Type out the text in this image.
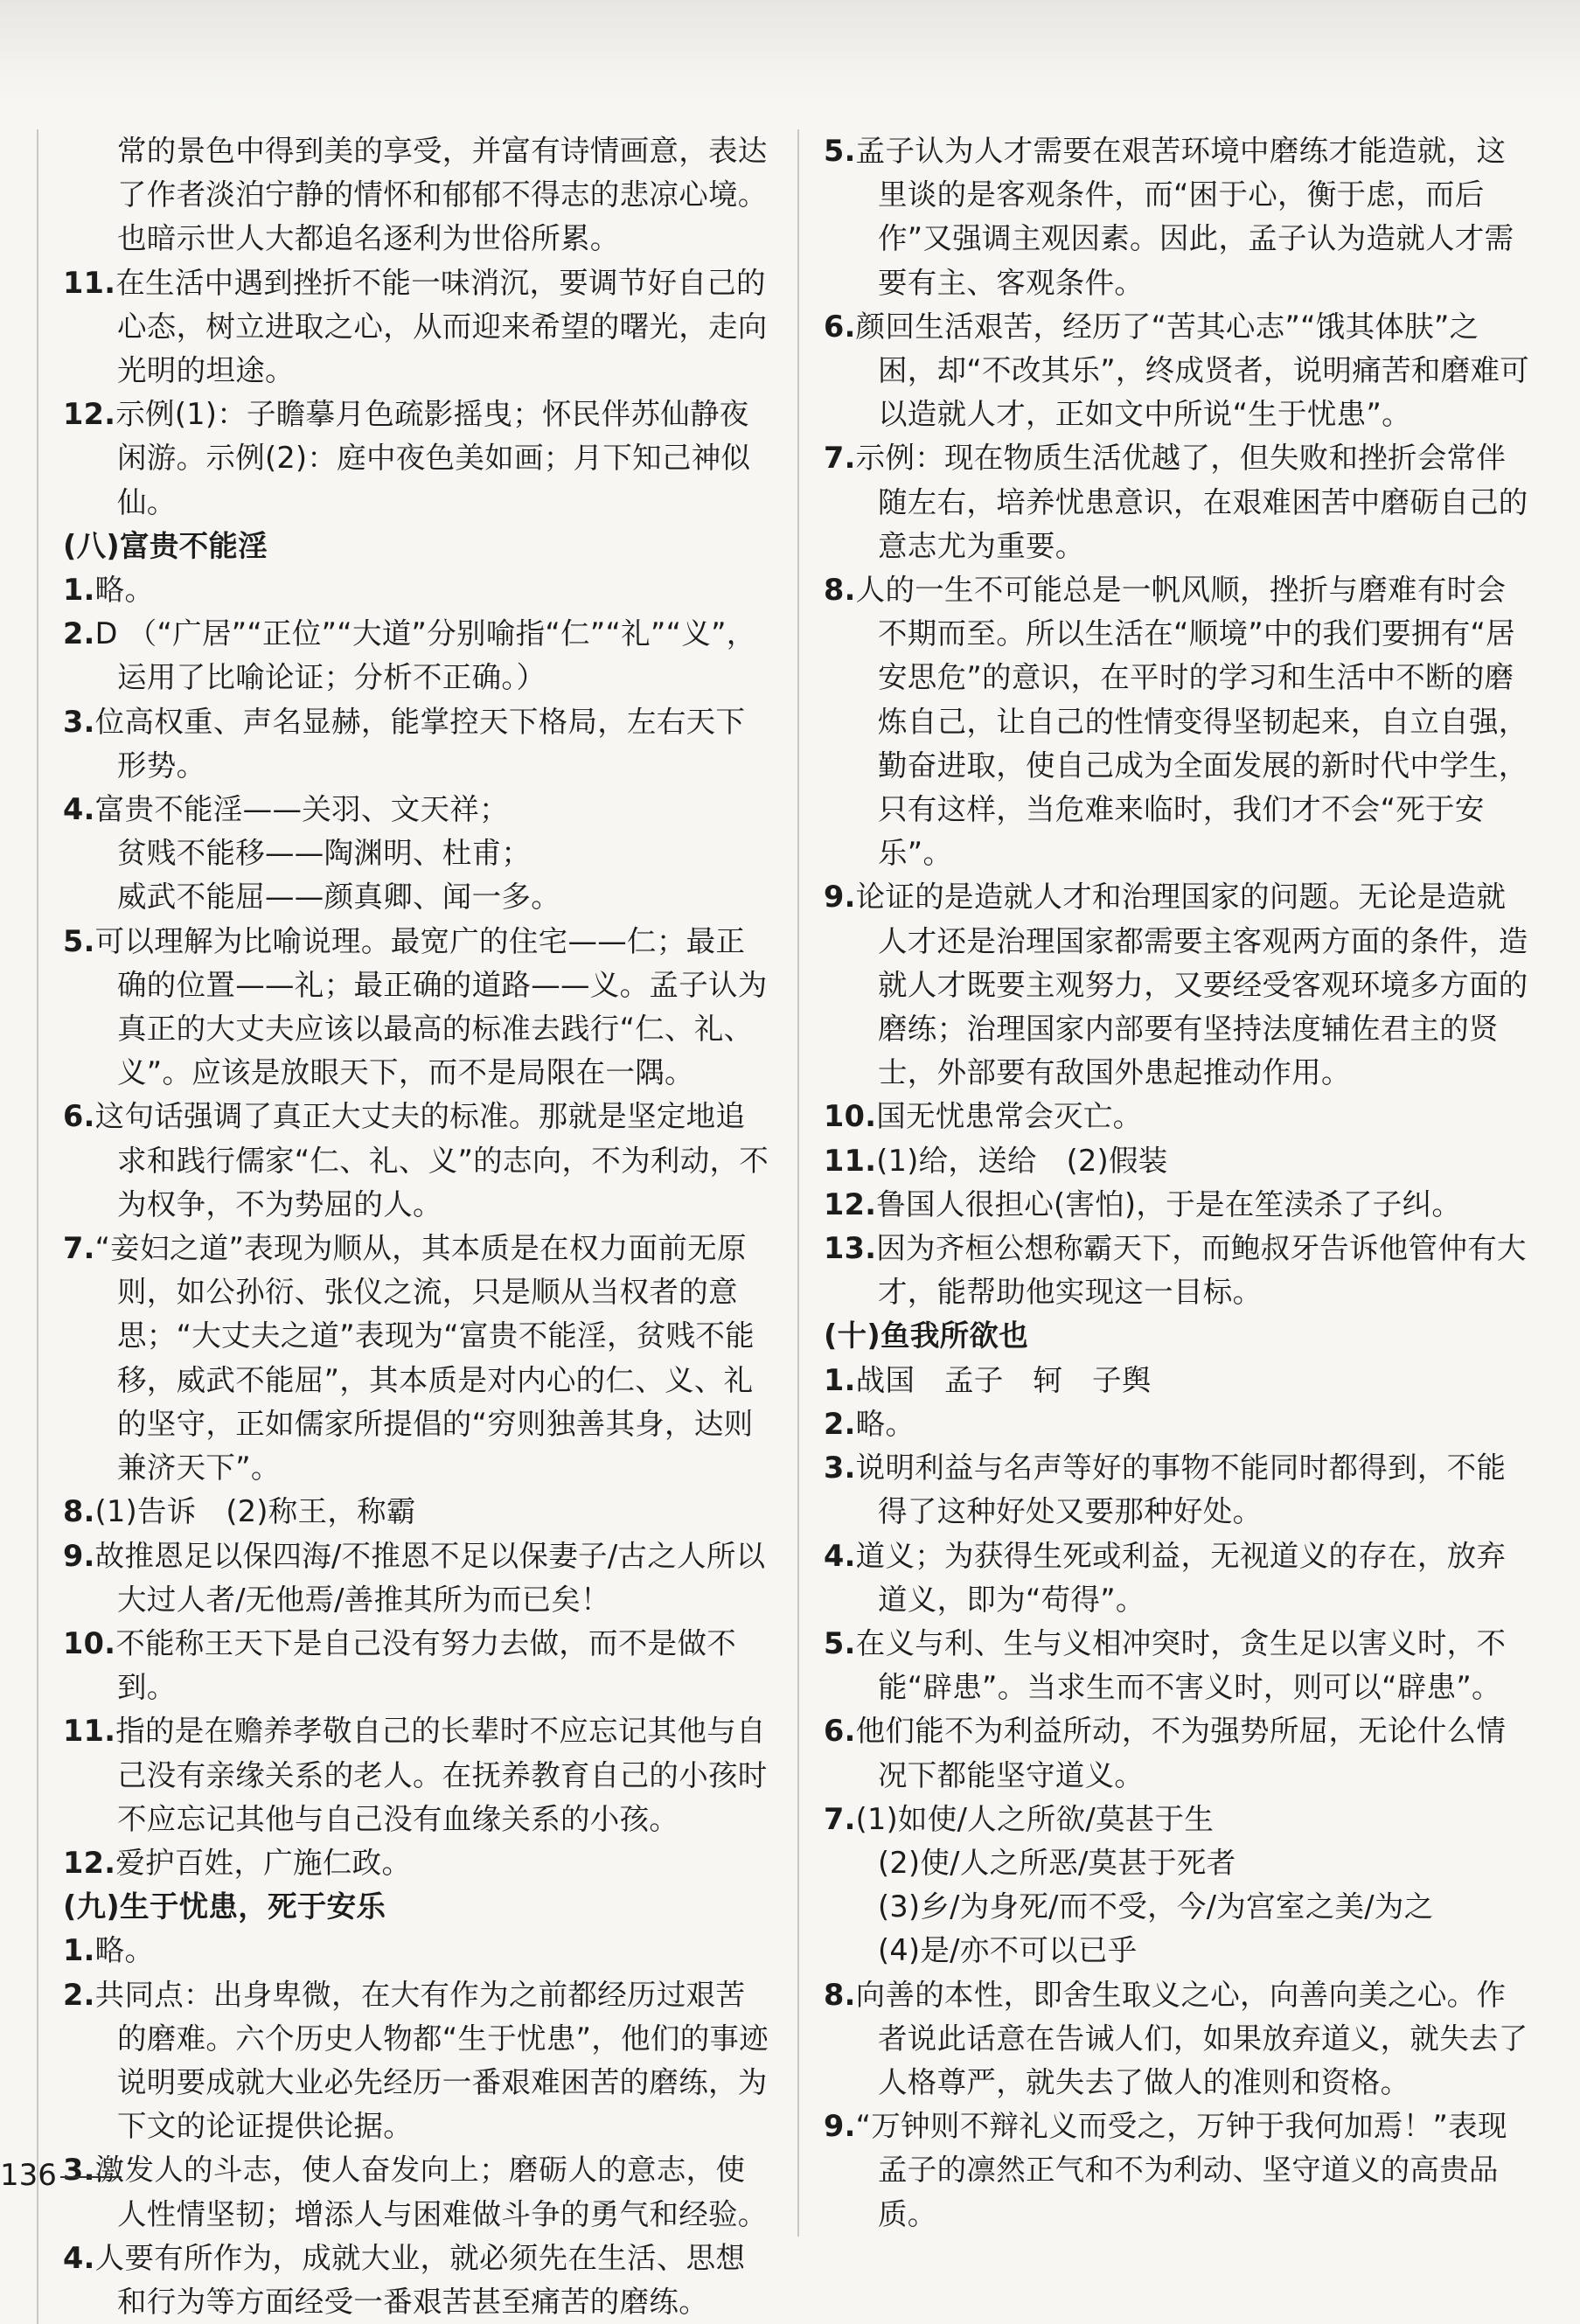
常的景色中得到美的享受，并富有诗情画意，表达了作者淡泊宁静的情怀和郁郁不得志的悲凉心境。也暗示世人大都追名逐利为世俗所累。
11.在生活中遇到挫折不能一味消沉，要调节好自己的心态，树立进取之心，从而迎来希望的曙光，走向光明的坦途。
12.示例(1)：子瞻摹月色疏影摇曳；怀民伴苏仙静夜闲游。示例(2)：庭中夜色美如画；月下知己神似仙。
(八)富贵不能淫
1.略。
2.D （“广居”“正位”“大道”分别喻指“仁”“礼”“义”，运用了比喻论证；分析不正确。）
3.位高权重、声名显赫，能掌控天下格局，左右天下形势。
4.富贵不能淫——关羽、文天祥；
贫贱不能移——陶渊明、杜甫；
威武不能屈——颜真卿、闻一多。
5.可以理解为比喻说理。最宽广的住宅——仁；最正确的位置——礼；最正确的道路——义。孟子认为真正的大丈夫应该以最高的标准去践行“仁、礼、义”。应该是放眼天下，而不是局限在一隅。
6.这句话强调了真正大丈夫的标准。那就是坚定地追求和践行儒家“仁、礼、义”的志向，不为利动，不为权争，不为势屈的人。
7.“妾妇之道”表现为顺从，其本质是在权力面前无原则，如公孙衍、张仪之流，只是顺从当权者的意思；“大丈夫之道”表现为“富贵不能淫，贫贱不能移，威武不能屈”，其本质是对内心的仁、义、礼的坚守，正如儒家所提倡的“穷则独善其身，达则兼济天下”。
8.(1)告诉　(2)称王，称霸
9.故推恩足以保四海/不推恩不足以保妻子/古之人所以大过人者/无他焉/善推其所为而已矣！
10.不能称王天下是自己没有努力去做，而不是做不到。
11.指的是在赡养孝敬自己的长辈时不应忘记其他与自己没有亲缘关系的老人。在抚养教育自己的小孩时不应忘记其他与自己没有血缘关系的小孩。
12.爱护百姓，广施仁政。
(九)生于忧患，死于安乐
1.略。
2.共同点：出身卑微，在大有作为之前都经历过艰苦的磨难。六个历史人物都“生于忧患”，他们的事迹说明要成就大业必先经历一番艰难困苦的磨练，为下文的论证提供论据。
3.激发人的斗志，使人奋发向上；磨砺人的意志，使人性情坚韧；增添人与困难做斗争的勇气和经验。
4.人要有所作为，成就大业，就必须先在生活、思想和行为等方面经受一番艰苦甚至痛苦的磨练。
5.孟子认为人才需要在艰苦环境中磨练才能造就，这里谈的是客观条件，而“困于心，衡于虑，而后作”又强调主观因素。因此，孟子认为造就人才需要有主、客观条件。
6.颜回生活艰苦，经历了“苦其心志”“饿其体肤”之困，却“不改其乐”，终成贤者，说明痛苦和磨难可以造就人才，正如文中所说“生于忧患”。
7.示例：现在物质生活优越了，但失败和挫折会常伴随左右，培养忧患意识，在艰难困苦中磨砺自己的意志尤为重要。
8.人的一生不可能总是一帆风顺，挫折与磨难有时会不期而至。所以生活在“顺境”中的我们要拥有“居安思危”的意识，在平时的学习和生活中不断的磨炼自己，让自己的性情变得坚韧起来，自立自强，勤奋进取，使自己成为全面发展的新时代中学生，只有这样，当危难来临时，我们才不会“死于安乐”。
9.论证的是造就人才和治理国家的问题。无论是造就人才还是治理国家都需要主客观两方面的条件，造就人才既要主观努力，又要经受客观环境多方面的磨练；治理国家内部要有坚持法度辅佐君主的贤士，外部要有敌国外患起推动作用。
10.国无忧患常会灭亡。
11.(1)给，送给　(2)假装
12.鲁国人很担心(害怕)，于是在笙渎杀了子纠。
13.因为齐桓公想称霸天下，而鲍叔牙告诉他管仲有大才，能帮助他实现这一目标。
(十)鱼我所欲也
1.战国　孟子　轲　子舆
2.略。
3.说明利益与名声等好的事物不能同时都得到，不能得了这种好处又要那种好处。
4.道义；为获得生死或利益，无视道义的存在，放弃道义，即为“苟得”。
5.在义与利、生与义相冲突时，贪生足以害义时，不能“辟患”。当求生而不害义时，则可以“辟患”。
6.他们能不为利益所动，不为强势所屈，无论什么情况下都能坚守道义。
7.(1)如使/人之所欲/莫甚于生
(2)使/人之所恶/莫甚于死者
(3)乡/为身死/而不受，今/为宫室之美/为之
(4)是/亦不可以已乎
8.向善的本性，即舍生取义之心，向善向美之心。作者说此话意在告诫人们，如果放弃道义，就失去了人格尊严，就失去了做人的准则和资格。
9.“万钟则不辩礼义而受之，万钟于我何加焉！”表现孟子的凛然正气和不为利动、坚守道义的高贵品质。
136
